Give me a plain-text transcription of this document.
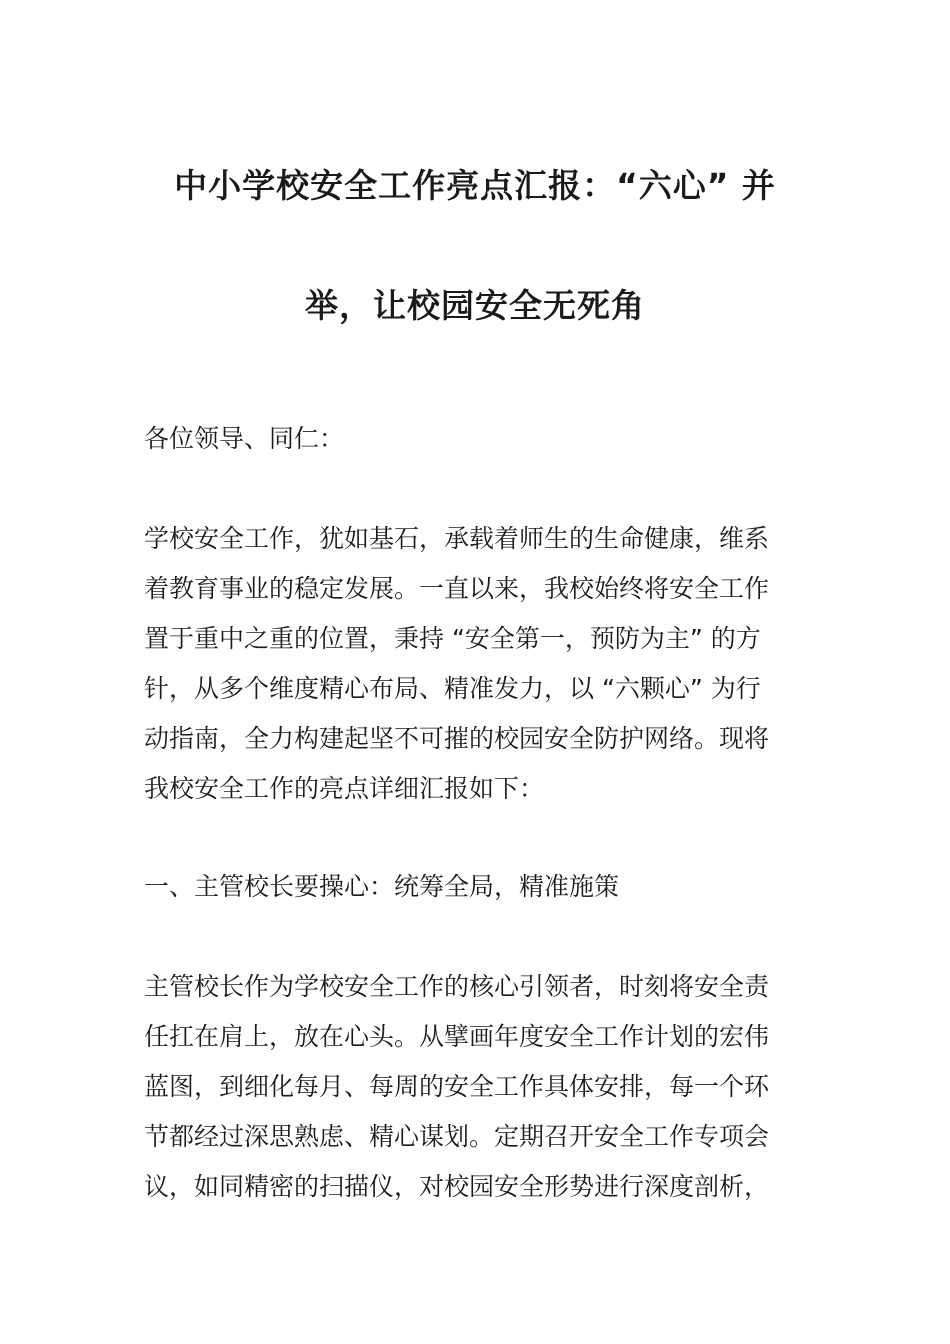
中小学校安全工作亮点汇报：“六心” 并
举，让校园安全无死角
各位领导、同仁：
学校安全工作，犹如基石，承载着师生的生命健康，维系
着教育事业的稳定发展。一直以来，我校始终将安全工作
置于重中之重的位置，秉持 “安全第一，预防为主” 的方
针，从多个维度精心布局、精准发力，以 “六颗心” 为行
动指南，全力构建起坚不可摧的校园安全防护网络。现将
我校安全工作的亮点详细汇报如下：
一、主管校长要操心：统筹全局，精准施策
主管校长作为学校安全工作的核心引领者，时刻将安全责
任扛在肩上，放在心头。从擘画年度安全工作计划的宏伟
蓝图，到细化每月、每周的安全工作具体安排，每一个环
节都经过深思熟虑、精心谋划。定期召开安全工作专项会
议，如同精密的扫描仪，对校园安全形势进行深度剖析，
